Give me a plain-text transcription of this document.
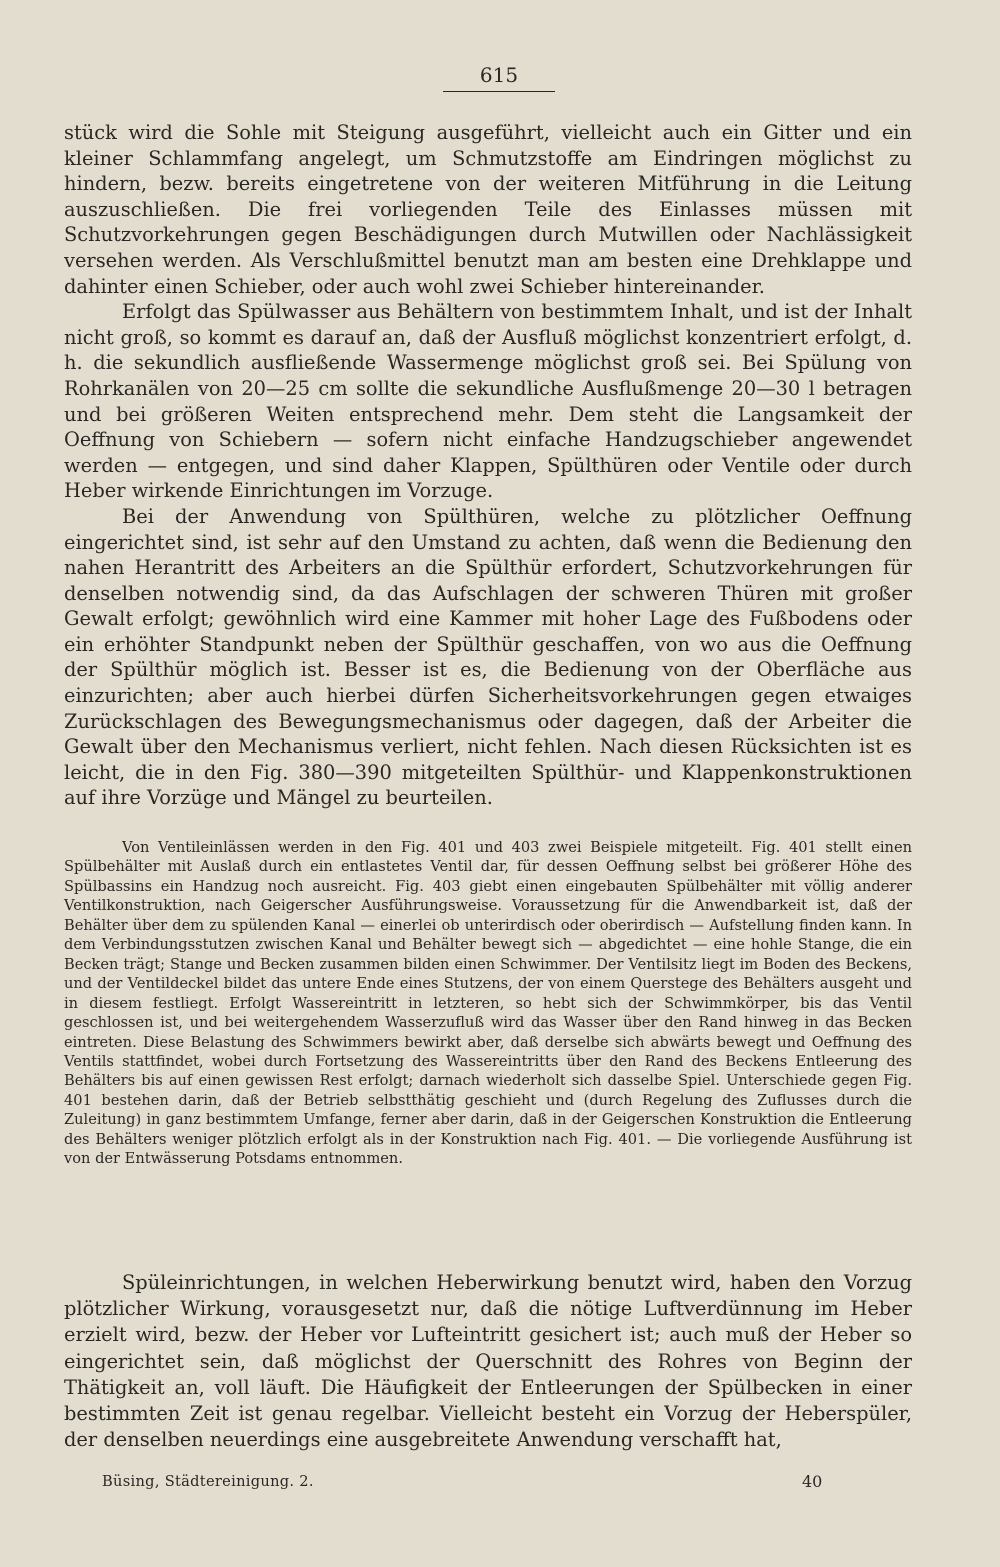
615

stück wird die Sohle mit Steigung ausgeführt, vielleicht auch ein Gitter und ein kleiner Schlammfang angelegt, um Schmutzstoffe am Eindringen möglichst zu hindern, bezw. bereits eingetretene von der weiteren Mitführung in die Leitung auszuschließen. Die frei vorliegenden Teile des Einlasses müssen mit Schutzvorkehrungen gegen Beschädigungen durch Mutwillen oder Nachlässigkeit versehen werden. Als Verschlußmittel benutzt man am besten eine Drehklappe und dahinter einen Schieber, oder auch wohl zwei Schieber hintereinander.

Erfolgt das Spülwasser aus Behältern von bestimmtem Inhalt, und ist der Inhalt nicht groß, so kommt es darauf an, daß der Ausfluß möglichst konzentriert erfolgt, d. h. die sekundlich ausfließende Wassermenge möglichst groß sei. Bei Spülung von Rohrkanälen von 20—25 cm sollte die sekundliche Ausflußmenge 20—30 l betragen und bei größeren Weiten entsprechend mehr. Dem steht die Langsamkeit der Oeffnung von Schiebern — sofern nicht einfache Handzugschieber angewendet werden — entgegen, und sind daher Klappen, Spülthüren oder Ventile oder durch Heber wirkende Einrichtungen im Vorzuge.

Bei der Anwendung von Spülthüren, welche zu plötzlicher Oeffnung eingerichtet sind, ist sehr auf den Umstand zu achten, daß wenn die Bedienung den nahen Herantritt des Arbeiters an die Spülthür erfordert, Schutzvorkehrungen für denselben notwendig sind, da das Aufschlagen der schweren Thüren mit großer Gewalt erfolgt; gewöhnlich wird eine Kammer mit hoher Lage des Fußbodens oder ein erhöhter Standpunkt neben der Spülthür geschaffen, von wo aus die Oeffnung der Spülthür möglich ist. Besser ist es, die Bedienung von der Oberfläche aus einzurichten; aber auch hierbei dürfen Sicherheitsvorkehrungen gegen etwaiges Zurückschlagen des Bewegungsmechanismus oder dagegen, daß der Arbeiter die Gewalt über den Mechanismus verliert, nicht fehlen. Nach diesen Rücksichten ist es leicht, die in den Fig. 380—390 mitgeteilten Spülthür- und Klappenkonstruktionen auf ihre Vorzüge und Mängel zu beurteilen.

Von Ventileinlässen werden in den Fig. 401 und 403 zwei Beispiele mitgeteilt. Fig. 401 stellt einen Spülbehälter mit Auslaß durch ein entlastetes Ventil dar, für dessen Oeffnung selbst bei größerer Höhe des Spülbassins ein Handzug noch ausreicht. Fig. 403 giebt einen eingebauten Spülbehälter mit völlig anderer Ventilkonstruktion, nach Geigerscher Ausführungsweise. Voraussetzung für die Anwendbarkeit ist, daß der Behälter über dem zu spülenden Kanal — einerlei ob unterirdisch oder oberirdisch — Aufstellung finden kann. In dem Verbindungsstutzen zwischen Kanal und Behälter bewegt sich — abgedichtet — eine hohle Stange, die ein Becken trägt; Stange und Becken zusammen bilden einen Schwimmer. Der Ventilsitz liegt im Boden des Beckens, und der Ventildeckel bildet das untere Ende eines Stutzens, der von einem Querstege des Behälters ausgeht und in diesem festliegt. Erfolgt Wassereintritt in letzteren, so hebt sich der Schwimmkörper, bis das Ventil geschlossen ist, und bei weitergehendem Wasserzufluß wird das Wasser über den Rand hinweg in das Becken eintreten. Diese Belastung des Schwimmers bewirkt aber, daß derselbe sich abwärts bewegt und Oeffnung des Ventils stattfindet, wobei durch Fortsetzung des Wassereintritts über den Rand des Beckens Entleerung des Behälters bis auf einen gewissen Rest erfolgt; darnach wiederholt sich dasselbe Spiel. Unterschiede gegen Fig. 401 bestehen darin, daß der Betrieb selbstthätig geschieht und (durch Regelung des Zuflusses durch die Zuleitung) in ganz bestimmtem Umfange, ferner aber darin, daß in der Geigerschen Konstruktion die Entleerung des Behälters weniger plötzlich erfolgt als in der Konstruktion nach Fig. 401. — Die vorliegende Ausführung ist von der Entwässerung Potsdams entnommen.

Spüleinrichtungen, in welchen Heberwirkung benutzt wird, haben den Vorzug plötzlicher Wirkung, vorausgesetzt nur, daß die nötige Luftverdünnung im Heber erzielt wird, bezw. der Heber vor Lufteintritt gesichert ist; auch muß der Heber so eingerichtet sein, daß möglichst der Querschnitt des Rohres von Beginn der Thätigkeit an, voll läuft. Die Häufigkeit der Entleerungen der Spülbecken in einer bestimmten Zeit ist genau regelbar. Vielleicht besteht ein Vorzug der Heberspüler, der denselben neuerdings eine ausgebreitete Anwendung verschafft hat,

Büsing, Städtereinigung. 2.	40
